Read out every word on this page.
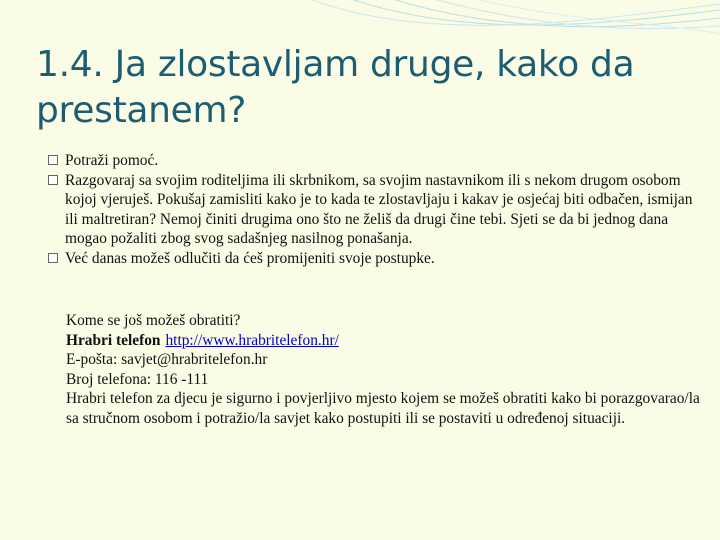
1.4. Ja zlostavljam druge, kako da prestanem?
Potraži pomoć.
Razgovaraj sa svojim roditeljima ili skrbnikom, sa svojim nastavnikom ili s nekom drugom osobom kojoj vjeruješ. Pokušaj zamisliti kako je to kada te zlostavljaju i kakav je osjećaj biti odbačen, ismijan ili maltretiran? Nemoj činiti drugima ono što ne želiš da drugi čine tebi. Sjeti se da bi jednog dana mogao požaliti zbog svog sadašnjeg nasilnog ponašanja.
Već danas možeš odlučiti da ćeš promijeniti svoje postupke.

Kome se još možeš obratiti?

Hrabri telefon http://www.hrabritelefon.hr/

E-pošta: savjet@hrabritelefon.hr

Broj telefona: 116 -111

Hrabri telefon za djecu je sigurno i povjerljivo mjesto kojem se možeš obratiti kako bi porazgovarao/la sa stručnom osobom i potražio/la savjet kako postupiti ili se postaviti u određenoj situaciji.
